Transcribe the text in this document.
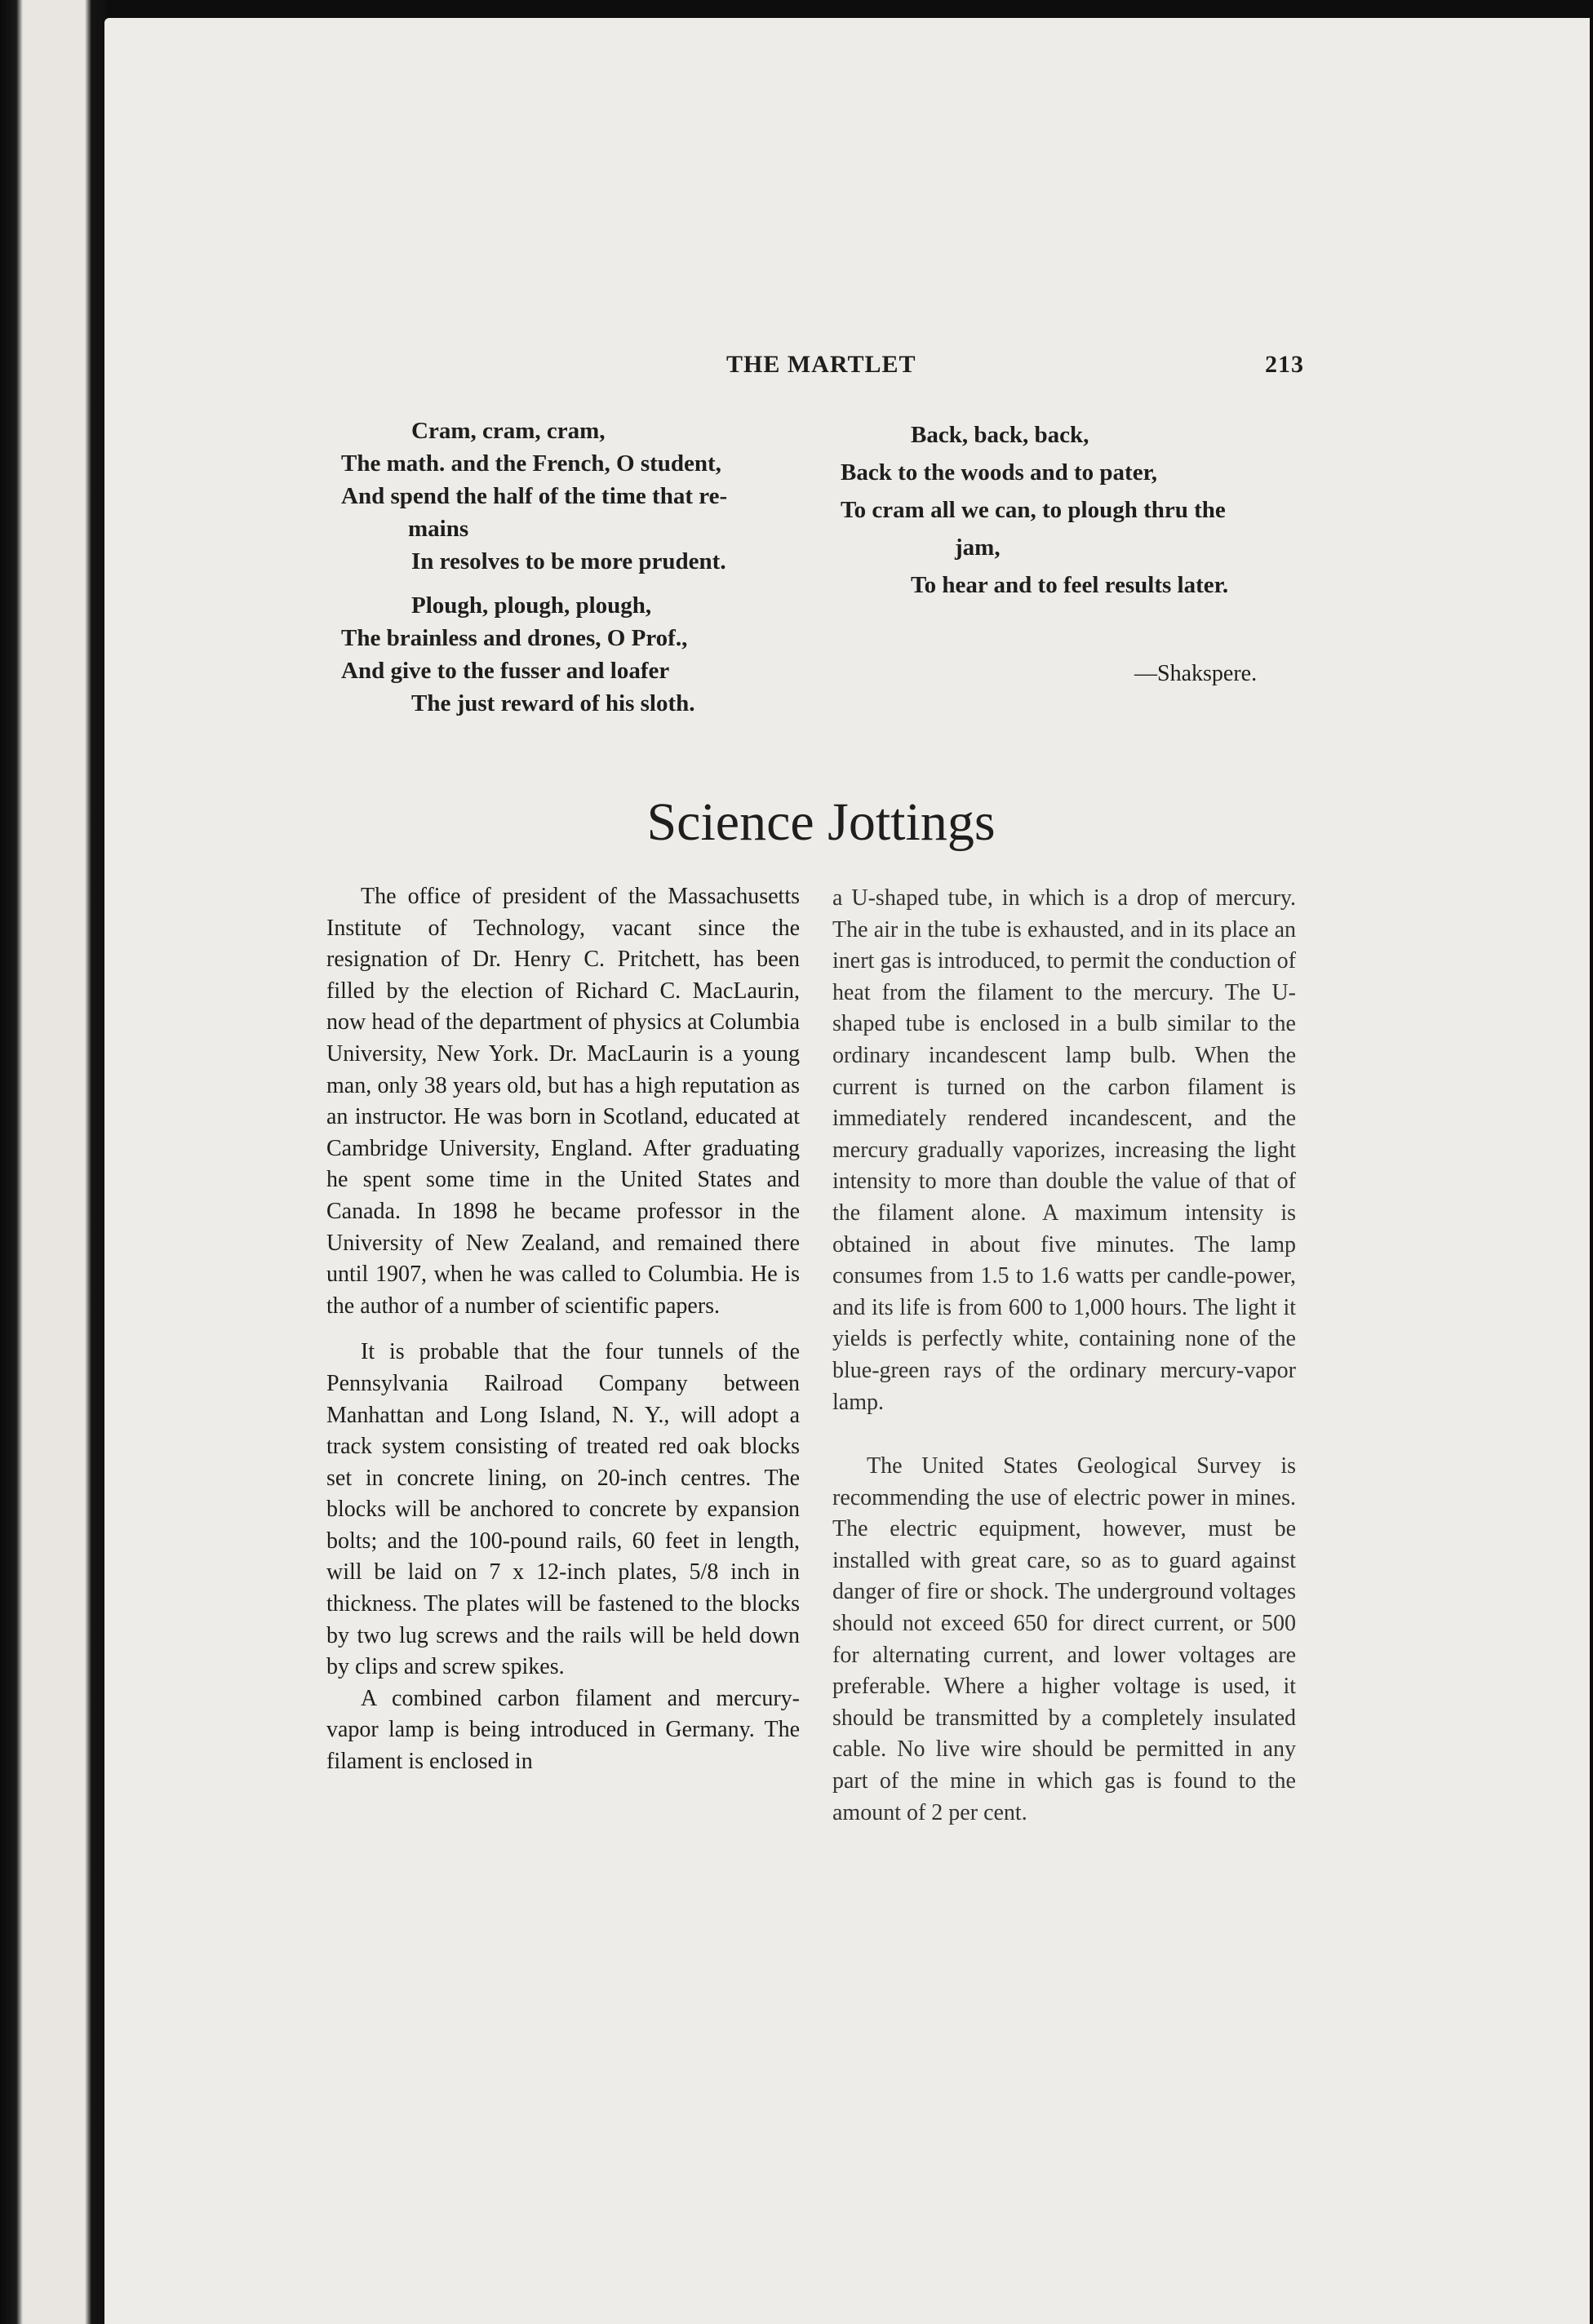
THE MARTLET	213
Cram, cram, cram,
The math. and the French, O student,
And spend the half of the time that re-
mains
In resolves to be more prudent.
Plough, plough, plough,
The brainless and drones, O Prof.,
And give to the fusser and loafer
The just reward of his sloth.
Back, back, back,
Back to the woods and to pater,
To cram all we can, to plough thru the
jam,
To hear and to feel results later.
—Shakspere.
Science Jottings

The office of president of the Massachusetts Institute of Technology, vacant since the resignation of Dr. Henry C. Pritchett, has been filled by the election of Richard C. MacLaurin, now head of the department of physics at Columbia University, New York. Dr. MacLaurin is a young man, only 38 years old, but has a high reputation as an instructor. He was born in Scotland, educated at Cambridge University, England. After graduating he spent some time in the United States and Canada. In 1898 he became professor in the University of New Zealand, and remained there until 1907, when he was called to Columbia. He is the author of a number of scientific papers.

It is probable that the four tunnels of the Pennsylvania Railroad Company between Manhattan and Long Island, N. Y., will adopt a track system consisting of treated red oak blocks set in concrete lining, on 20-inch centres. The blocks will be anchored to concrete by expansion bolts; and the 100-pound rails, 60 feet in length, will be laid on 7 x 12-inch plates, 5/8 inch in thickness. The plates will be fastened to the blocks by two lug screws and the rails will be held down by clips and screw spikes.

A combined carbon filament and mercury-vapor lamp is being introduced in Germany. The filament is enclosed in

a U-shaped tube, in which is a drop of mercury. The air in the tube is exhausted, and in its place an inert gas is introduced, to permit the conduction of heat from the filament to the mercury. The U-shaped tube is enclosed in a bulb similar to the ordinary incandescent lamp bulb. When the current is turned on the carbon filament is immediately rendered incandescent, and the mercury gradually vaporizes, increasing the light intensity to more than double the value of that of the filament alone. A maximum intensity is obtained in about five minutes. The lamp consumes from 1.5 to 1.6 watts per candle-power, and its life is from 600 to 1,000 hours. The light it yields is perfectly white, containing none of the blue-green rays of the ordinary mercury-vapor lamp.

The United States Geological Survey is recommending the use of electric power in mines. The electric equipment, however, must be installed with great care, so as to guard against danger of fire or shock. The underground voltages should not exceed 650 for direct current, or 500 for alternating current, and lower voltages are preferable. Where a higher voltage is used, it should be transmitted by a completely insulated cable. No live wire should be permitted in any part of the mine in which gas is found to the amount of 2 per cent.
